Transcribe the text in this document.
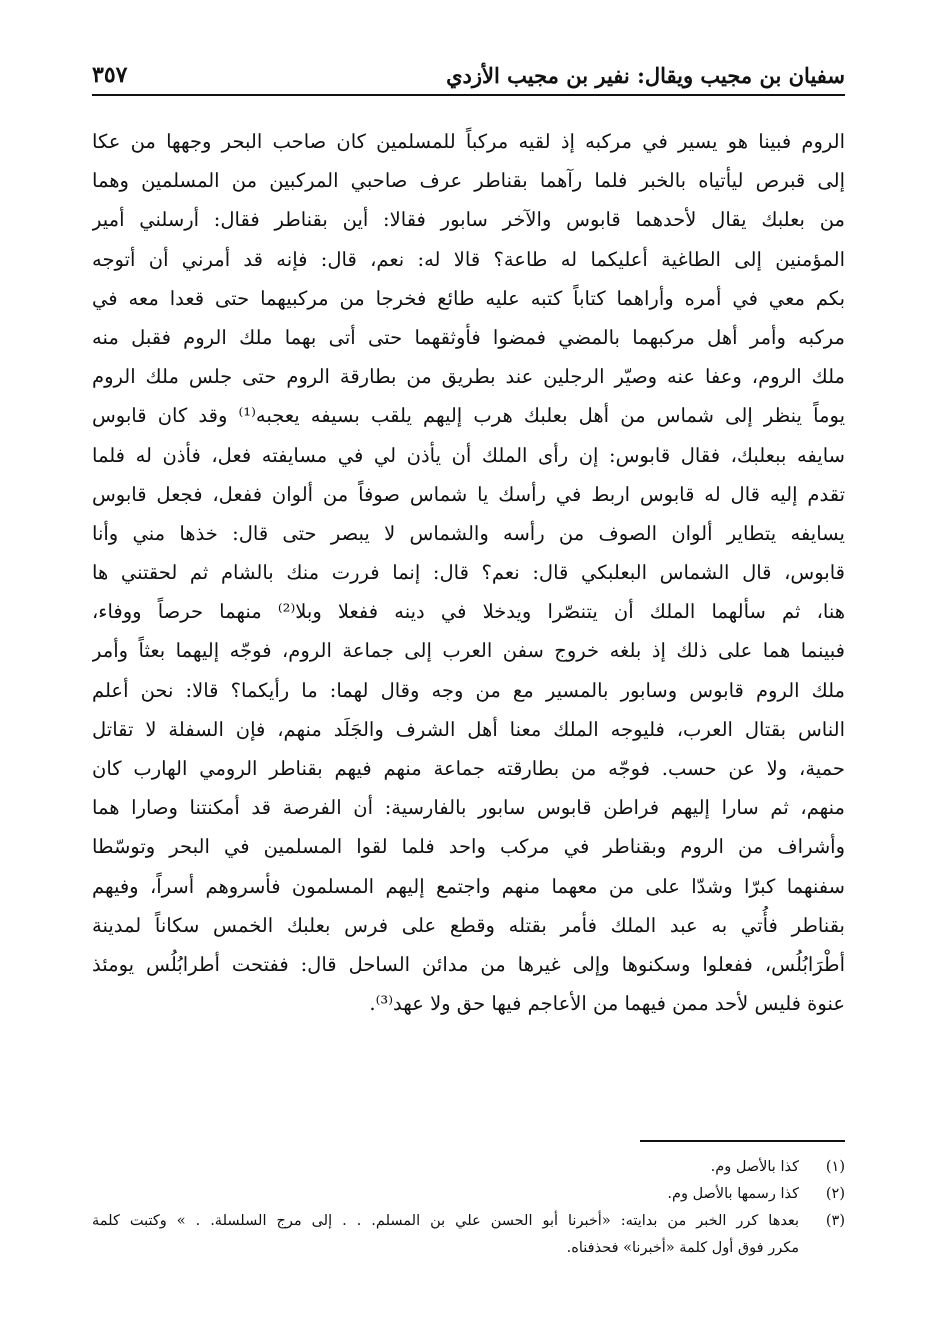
سفيان بن مجيب ويقال: نفير بن مجيب الأزدي
٣٥٧
الروم فبينا هو يسير في مركبه إذ لقيه مركباً للمسلمين كان صاحب البحر وجهها من عكا
إلى قبرص ليأتياه بالخبر فلما رآهما بقناطر عرف صاحبي المركبين من المسلمين وهما
من بعلبك يقال لأحدهما قابوس والآخر سابور فقالا: أين بقناطر فقال: أرسلني أمير
المؤمنين إلى الطاغية أعليكما له طاعة؟ قالا له: نعم، قال: فإنه قد أمرني أن أتوجه
بكم معي في أمره وأراهما كتاباً كتبه عليه طائع فخرجا من مركبيهما حتى قعدا معه في
مركبه وأمر أهل مركبهما بالمضي فمضوا فأوثقهما حتى أتى بهما ملك الروم فقبل منه
ملك الروم، وعفا عنه وصيّر الرجلين عند بطريق من بطارقة الروم حتى جلس ملك الروم
يوماً ينظر إلى شماس من أهل بعلبك هرب إليهم يلقب بسيفه يعجبه⁽¹⁾ وقد كان قابوس
سايفه ببعلبك، فقال قابوس: إن رأى الملك أن يأذن لي في مسايفته فعل، فأذن له فلما
تقدم إليه قال له قابوس اربط في رأسك يا شماس صوفاً من ألوان ففعل، فجعل قابوس
يسايفه يتطاير ألوان الصوف من رأسه والشماس لا يبصر حتى قال: خذها مني وأنا
قابوس، قال الشماس البعلبكي قال: نعم؟ قال: إنما فررت منك بالشام ثم لحقتني ها
هنا، ثم سألهما الملك أن يتنصّرا ويدخلا في دينه ففعلا وبلا⁽²⁾ منهما حرصاً ووفاء،
فبينما هما على ذلك إذ بلغه خروج سفن العرب إلى جماعة الروم، فوجّه إليهما بعثاً وأمر
ملك الروم قابوس وسابور بالمسير مع من وجه وقال لهما: ما رأيكما؟ قالا: نحن أعلم
الناس بقتال العرب، فليوجه الملك معنا أهل الشرف والجَلَد منهم، فإن السفلة لا تقاتل
حمية، ولا عن حسب. فوجّه من بطارقته جماعة منهم فيهم بقناطر الرومي الهارب كان
منهم، ثم سارا إليهم فراطن قابوس سابور بالفارسية: أن الفرصة قد أمكنتنا وصارا هما
وأشراف من الروم وبقناطر في مركب واحد فلما لقوا المسلمين في البحر وتوسّطا
سفنهما كبرّا وشدّا على من معهما منهم واجتمع إليهم المسلمون فأسروهم أسراً، وفيهم
بقناطر فأُتي به عبد الملك فأمر بقتله وقطع على فرس بعلبك الخمس سكاناً لمدينة
أطْرَابُلُس، ففعلوا وسكنوها وإلى غيرها من مدائن الساحل قال: ففتحت أطرابُلُس يومئذ
عنوة فليس لأحد ممن فيهما من الأعاجم فيها حق ولا عهد⁽³⁾.
(١)
كذا بالأصل وم.
(٢)
كذا رسمها بالأصل وم.
(٣)
بعدها كرر الخبر من بدايته: «أخبرنا أبو الحسن علي بن المسلم. . . إلى مرج السلسلة. . » وكتبت كلمة
مكرر فوق أول كلمة «أخبرنا» فحذفناه.
